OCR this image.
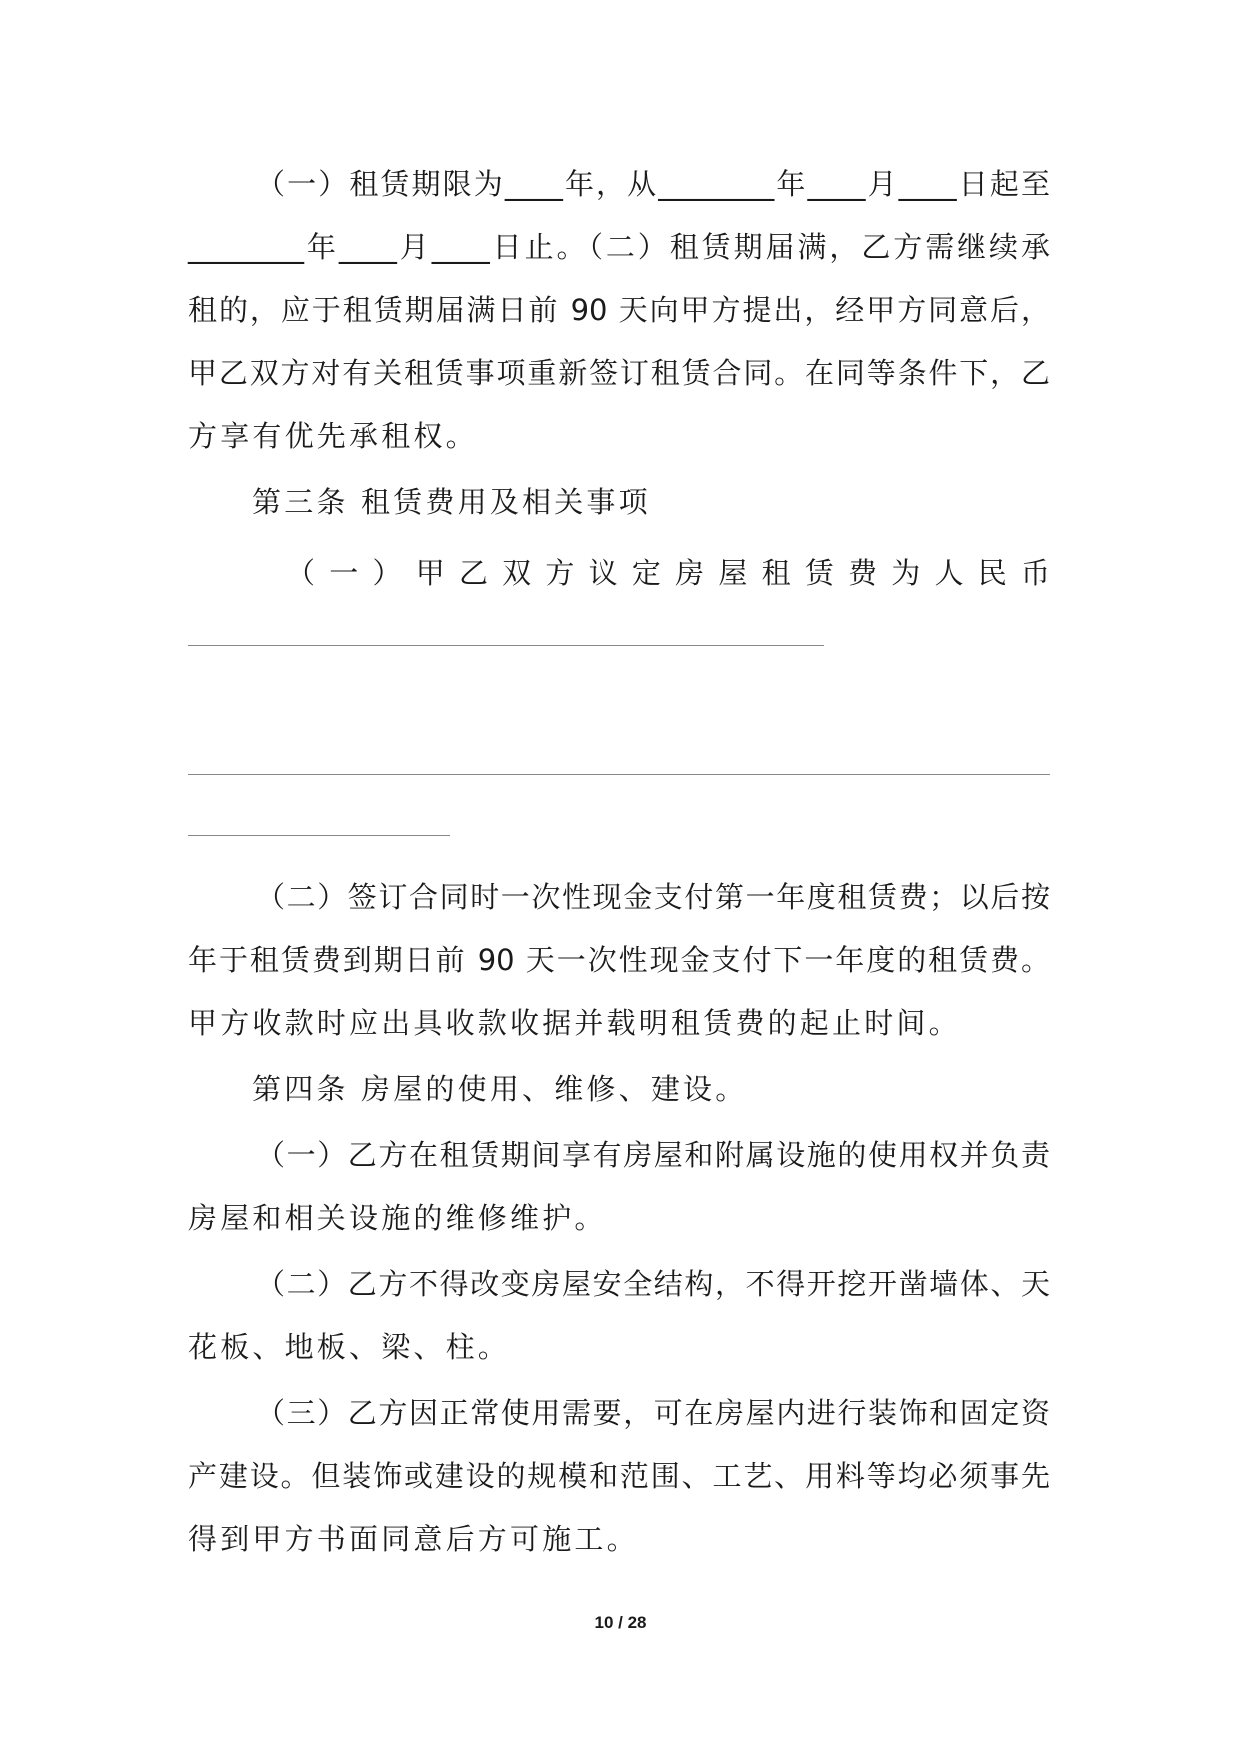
（一）租赁期限为____年，从________年____月____日起至
________年____月____日止。（二）租赁期届满，乙方需继续承
租的，应于租赁期届满日前 90 天向甲方提出，经甲方同意后，
甲乙双方对有关租赁事项重新签订租赁合同。在同等条件下，乙
方享有优先承租权。
第三条 租赁费用及相关事项
（ 一 ） 甲 乙 双 方 议 定 房 屋 租 赁 费 为 人 民 币
（二）签订合同时一次性现金支付第一年度租赁费；以后按
年于租赁费到期日前 90 天一次性现金支付下一年度的租赁费。
甲方收款时应出具收款收据并载明租赁费的起止时间。
第四条 房屋的使用、维修、建设。
（一）乙方在租赁期间享有房屋和附属设施的使用权并负责
房屋和相关设施的维修维护。
（二）乙方不得改变房屋安全结构，不得开挖开凿墙体、天
花板、地板、梁、柱。
（三）乙方因正常使用需要，可在房屋内进行装饰和固定资
产建设。但装饰或建设的规模和范围、工艺、用料等均必须事先
得到甲方书面同意后方可施工。
10 / 28
